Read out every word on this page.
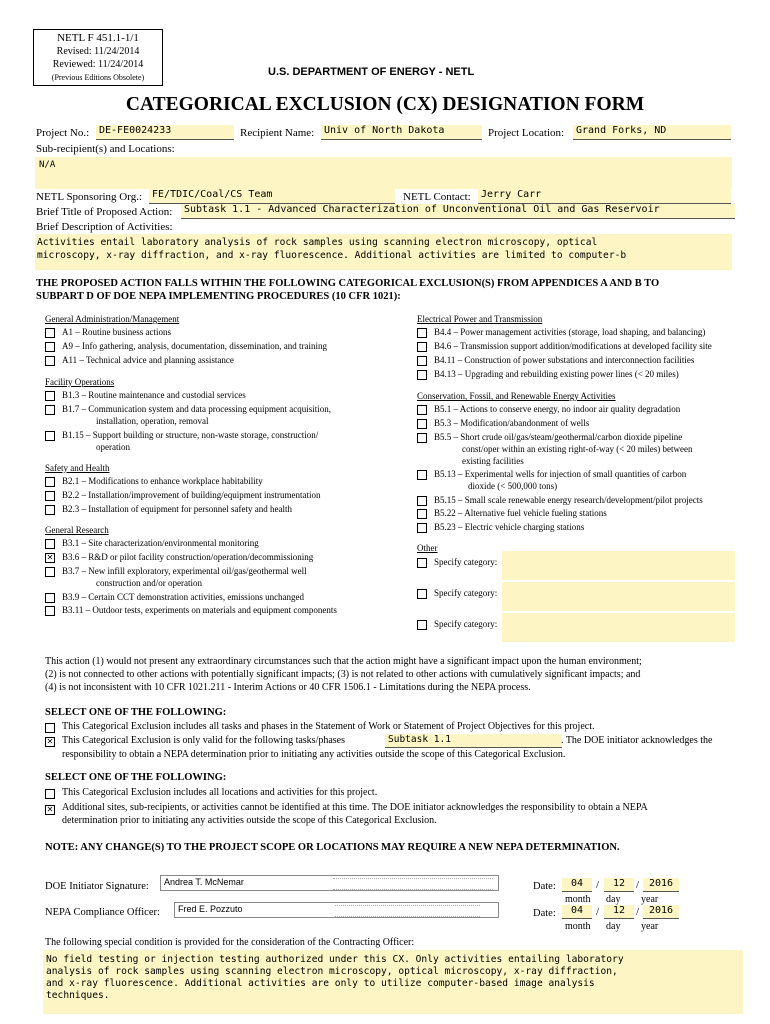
NETL F 451.1-1/1
Revised: 11/24/2014
Reviewed: 11/24/2014
(Previous Editions Obsolete)	U.S. DEPARTMENT OF ENERGY - NETL
CATEGORICAL EXCLUSION (CX) DESIGNATION FORM
Project No.: DE-FE0024233	Recipient Name: Univ of North Dakota	Project Location:	Grand Forks, ND
Sub-recipient(s) and Locations:
N/A
NETL Sponsoring Org.: FE/TDIC/Coal/CS Team	NETL Contact:	Jerry Carr
Brief Title of Proposed Action:	Subtask 1.1 - Advanced Characterization of Unconventional Oil and Gas Reservoir
Brief Description of Activities:
Activities entail laboratory analysis of rock samples using scanning electron microscopy, optical
microscopy, x-ray diffraction, and x-ray fluorescence. Additional activities are limited to computer-b
THE PROPOSED ACTION FALLS WITHIN THE FOLLOWING CATEGORICAL EXCLUSION(S) FROM APPENDICES A AND B TO
SUBPART D OF DOE NEPA IMPLEMENTING PROCEDURES (10 CFR 1021):
General Administration/Management
A1 – Routine business actions
A9 – Info gathering, analysis, documentation, dissemination, and training
A11 – Technical advice and planning assistance
Facility Operations
B1.3 – Routine maintenance and custodial services
B1.7 – Communication system and data processing equipment acquisition,
installation, operation, removal
B1.15 – Support building or structure, non-waste storage, construction/
operation
Safety and Health
B2.1 – Modifications to enhance workplace habitability
B2.2 – Installation/improvement of building/equipment instrumentation
B2.3 – Installation of equipment for personnel safety and health
General Research
B3.1 – Site characterization/environmental monitoring
✕
B3.6 – R&D or pilot facility construction/operation/decommissioning
B3.7 – New infill exploratory, experimental oil/gas/geothermal well
construction and/or operation
B3.9 – Certain CCT demonstration activities, emissions unchanged
B3.11 – Outdoor tests, experiments on materials and equipment components
Electrical Power and Transmission
B4.4 – Power management activities (storage, load shaping, and balancing)
B4.6 – Transmission support addition/modifications at developed facility site
B4.11 – Construction of power substations and interconnection facilities
B4.13 – Upgrading and rebuilding existing power lines (< 20 miles)
Conservation, Fossil, and Renewable Energy Activities
B5.1 – Actions to conserve energy, no indoor air quality degradation
B5.3 – Modification/abandonment of wells
B5.5 – Short crude oil/gas/steam/geothermal/carbon dioxide pipeline
const/oper within an existing right-of-way (< 20 miles) between
existing facilities
B5.13 – Experimental wells for injection of small quantities of carbon
dioxide (< 500,000 tons)
B5.15 – Small scale renewable energy research/development/pilot projects
B5.22 – Alternative fuel vehicle fueling stations
B5.23 – Electric vehicle charging stations
Other
Specify category:
Specify category:
Specify category:
This action (1) would not present any extraordinary circumstances such that the action might have a significant impact upon the human environment;
(2) is not connected to other actions with potentially significant impacts; (3) is not related to other actions with cumulatively significant impacts; and
(4) is not inconsistent with 10 CFR 1021.211 - Interim Actions or 40 CFR 1506.1 - Limitations during the NEPA process.
SELECT ONE OF THE FOLLOWING:
This Categorical Exclusion includes all tasks and phases in the Statement of Work or Statement of Project Objectives for this project.
✕
This Categorical Exclusion is only valid for the following tasks/phases	Subtask 1.1	. The DOE initiator acknowledges the
responsibility to obtain a NEPA determination prior to initiating any activities outside the scope of this Categorical Exclusion.
SELECT ONE OF THE FOLLOWING:
This Categorical Exclusion includes all locations and activities for this project.
✕
Additional sites, sub-recipients, or activities cannot be identified at this time. The DOE initiator acknowledges the responsibility to obtain a NEPA
determination prior to initiating any activities outside the scope of this Categorical Exclusion.
NOTE: ANY CHANGE(S) TO THE PROJECT SCOPE OR LOCATIONS MAY REQUIRE A NEW NEPA DETERMINATION.
DOE Initiator Signature: Andrea T. McNemar
NEPA Compliance Officer: Fred E. Pozzuto
Date:	04	/	12 / 2016
month day year
Date:	04	/	12 / 2016
month day year
The following special condition is provided for the consideration of the Contracting Officer:
No field testing or injection testing authorized under this CX. Only activities entailing laboratory
analysis of rock samples using scanning electron microscopy, optical microscopy, x-ray diffraction,
and x-ray fluorescence. Additional activities are only to utilize computer-based image analysis
techniques.
